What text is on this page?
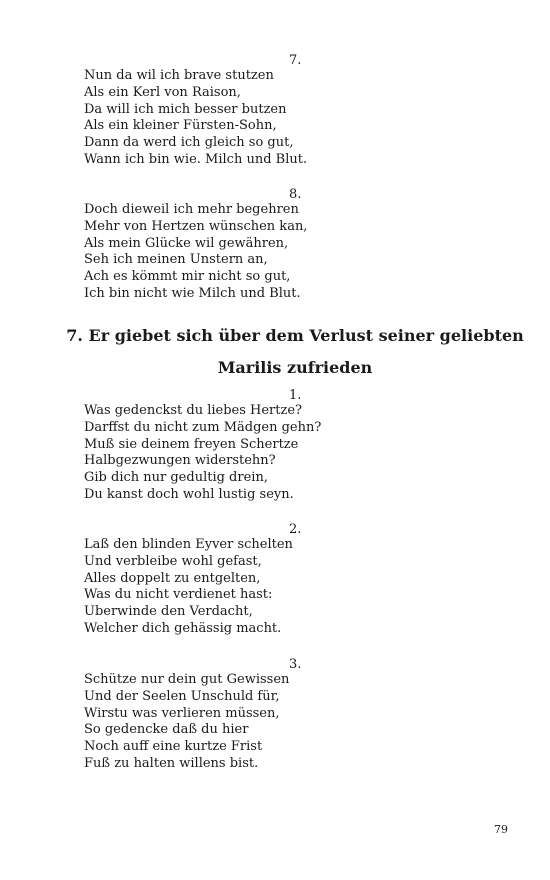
7.
Nun da wil ich brave stutzen
Als ein Kerl von Raison,
Da will ich mich besser butzen
Als ein kleiner Fürsten-Sohn,
Dann da werd ich gleich so gut,
Wann ich bin wie. Milch und Blut.
8.
Doch dieweil ich mehr begehren
Mehr von Hertzen wünschen kan,
Als mein Glücke wil gewähren,
Seh ich meinen Unstern an,
Ach es kömmt mir nicht so gut,
Ich bin nicht wie Milch und Blut.
7. Er giebet sich über dem Verlust seiner geliebten
Marilis zufrieden
1.
Was gedenckst du liebes Hertze?
Darffst du nicht zum Mädgen gehn?
Muß sie deinem freyen Schertze
Halbgezwungen widerstehn?
Gib dich nur gedultig drein,
Du kanst doch wohl lustig seyn.
2.
Laß den blinden Eyver schelten
Und verbleibe wohl gefast,
Alles doppelt zu entgelten,
Was du nicht verdienet hast:
Uberwinde den Verdacht,
Welcher dich gehässig macht.
3.
Schütze nur dein gut Gewissen
Und der Seelen Unschuld für,
Wirstu was verlieren müssen,
So gedencke daß du hier
Noch auff eine kurtze Frist
Fuß zu halten willens bist.
79
